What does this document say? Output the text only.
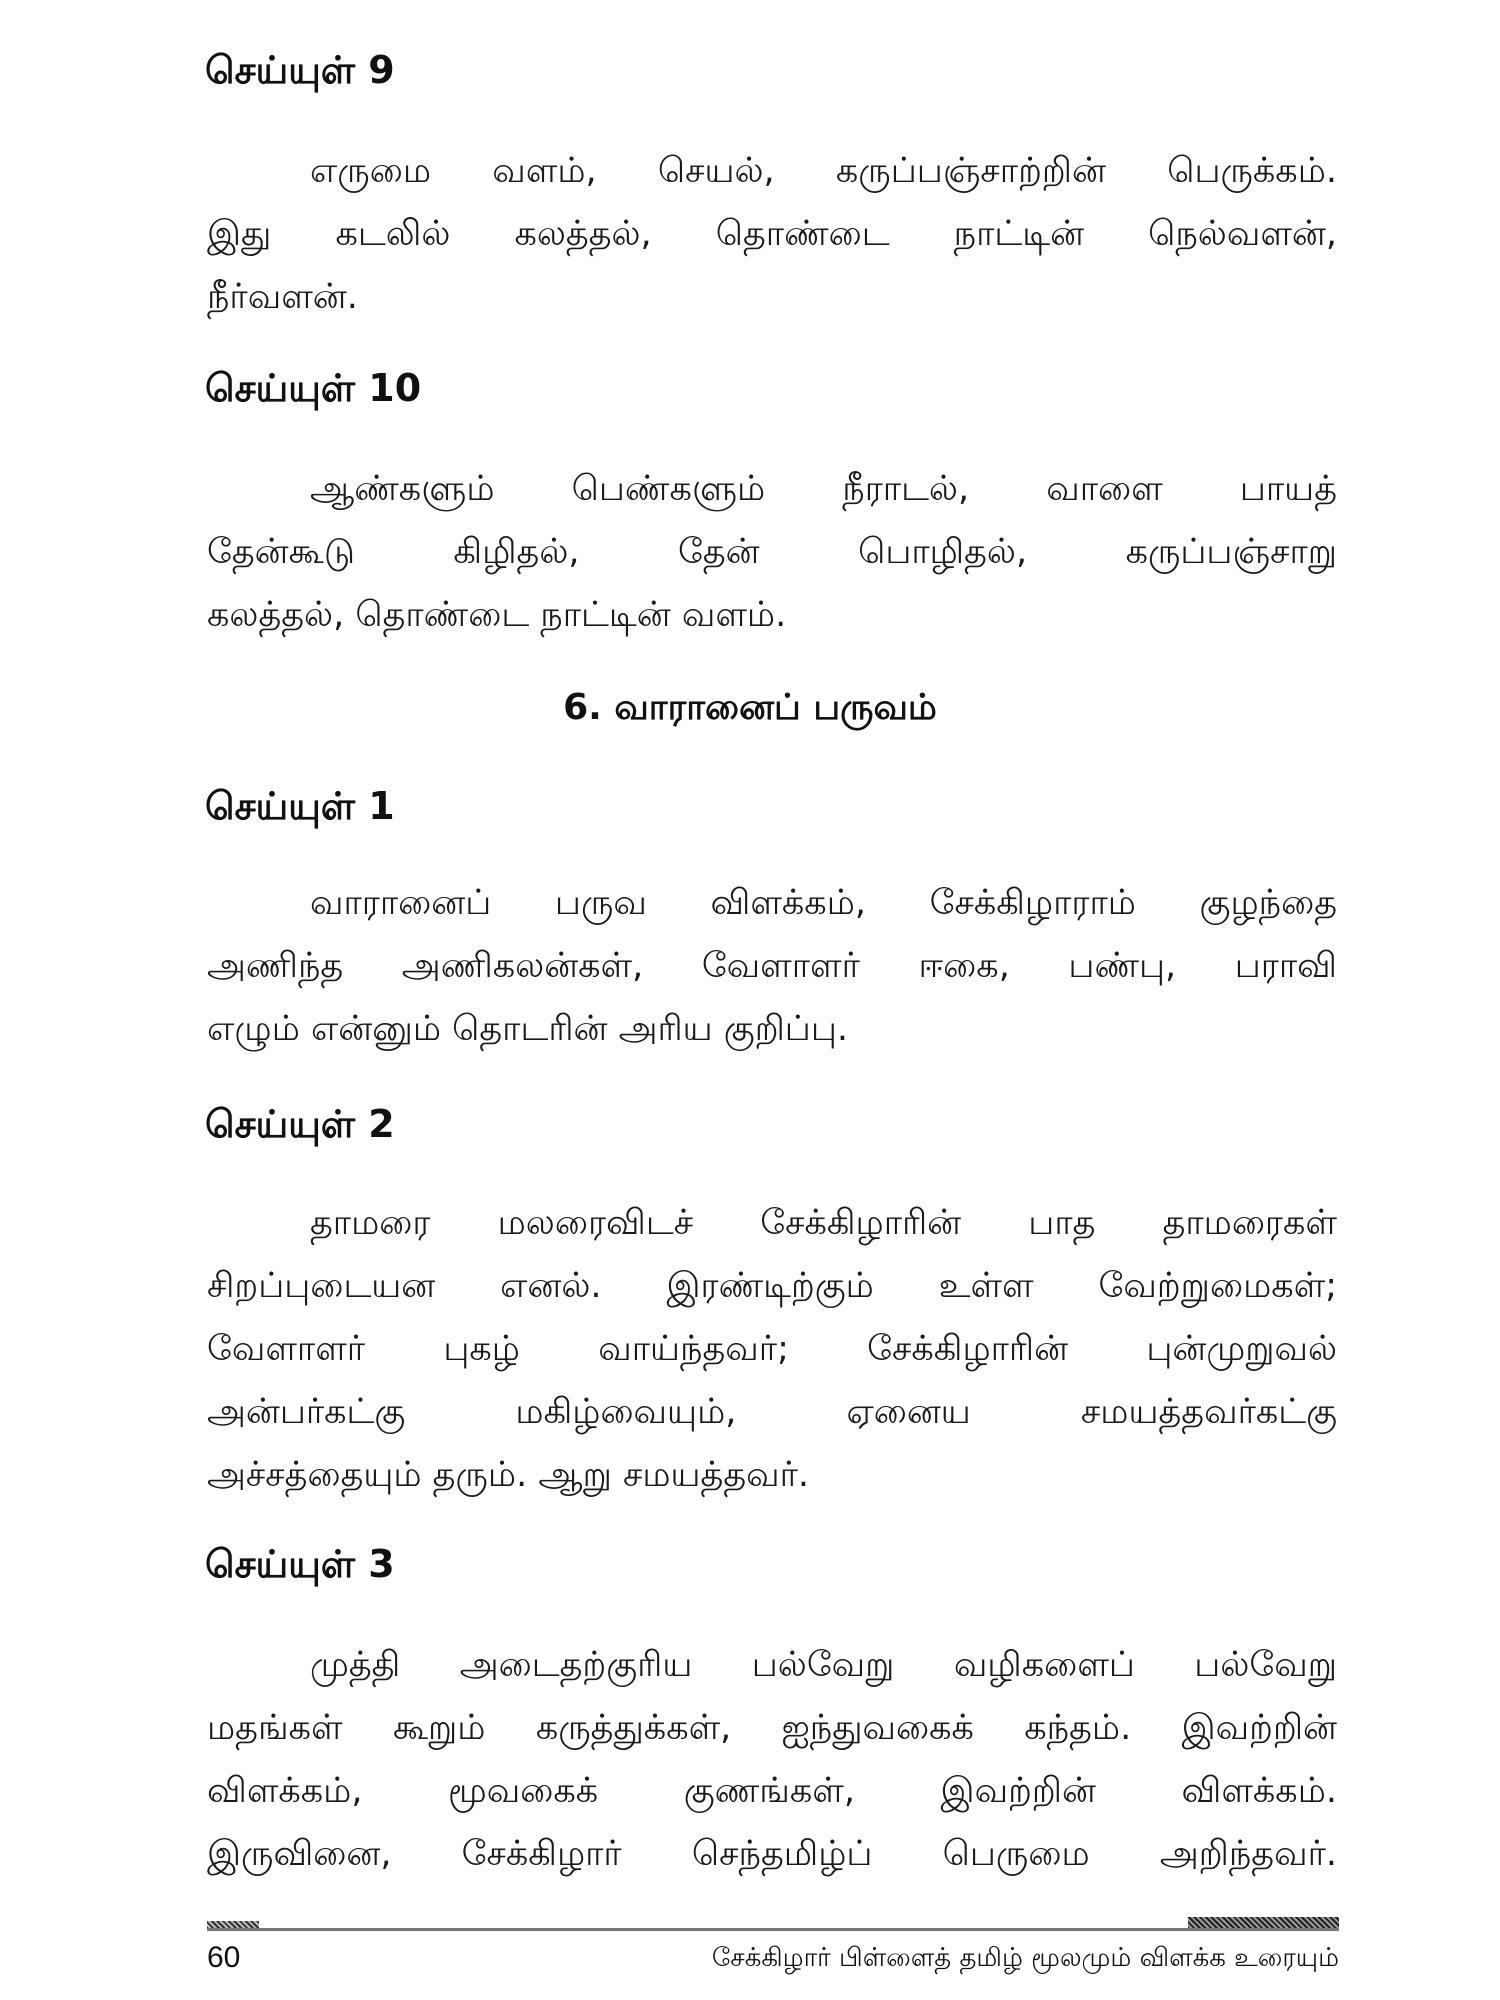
செய்யுள் 9
எருமை வளம், செயல், கருப்பஞ்சாற்றின் பெருக்கம்.
இது கடலில் கலத்தல், தொண்டை நாட்டின் நெல்வளன்,
நீர்வளன்.
செய்யுள் 10
ஆண்களும் பெண்களும் நீராடல், வாளை பாயத்
தேன்கூடு கிழிதல், தேன் பொழிதல், கருப்பஞ்சாறு
கலத்தல், தொண்டை நாட்டின் வளம்.
6. வாரானைப் பருவம்
செய்யுள் 1
வாரானைப் பருவ விளக்கம், சேக்கிழாராம் குழந்தை
அணிந்த அணிகலன்கள், வேளாளர் ஈகை, பண்பு, பராவி
எழும் என்னும் தொடரின் அரிய குறிப்பு.
செய்யுள் 2
தாமரை மலரைவிடச் சேக்கிழாரின் பாத தாமரைகள்
சிறப்புடையன எனல். இரண்டிற்கும் உள்ள வேற்றுமைகள்;
வேளாளர் புகழ் வாய்ந்தவர்; சேக்கிழாரின் புன்முறுவல்
அன்பர்கட்கு மகிழ்வையும், ஏனைய சமயத்தவர்கட்கு
அச்சத்தையும் தரும். ஆறு சமயத்தவர்.
செய்யுள் 3
முத்தி அடைதற்குரிய பல்வேறு வழிகளைப் பல்வேறு
மதங்கள் கூறும் கருத்துக்கள், ஐந்துவகைக் கந்தம். இவற்றின்
விளக்கம், மூவகைக் குணங்கள், இவற்றின் விளக்கம்.
இருவினை, சேக்கிழார் செந்தமிழ்ப் பெருமை அறிந்தவர்.
60	சேக்கிழார் பிள்ளைத் தமிழ் மூலமும் விளக்க உரையும்
